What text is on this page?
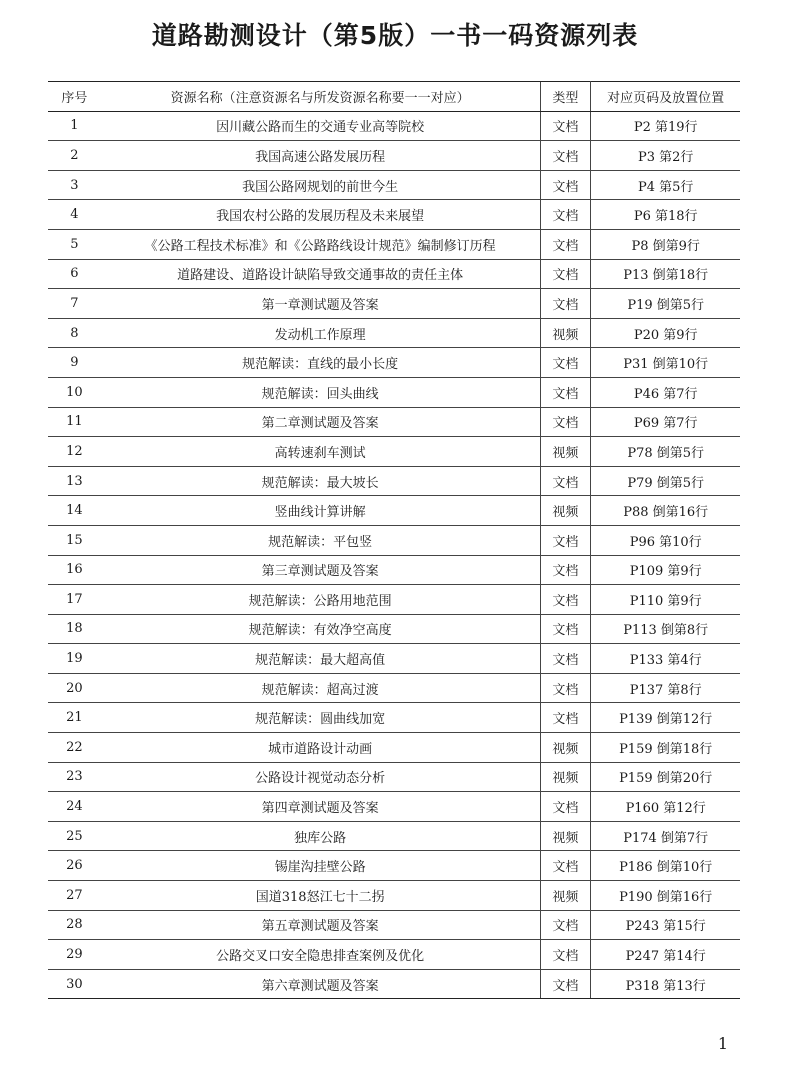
道路勘测设计（第5版）一书一码资源列表
序号	资源名称（注意资源名与所发资源名称要一一对应）	类型	对应页码及放置位置
1	因川藏公路而生的交通专业高等院校	文档	P2 第19行
2	我国高速公路发展历程	文档	P3 第2行
3	我国公路网规划的前世今生	文档	P4 第5行
4	我国农村公路的发展历程及未来展望	文档	P6 第18行
5	《公路工程技术标准》和《公路路线设计规范》编制修订历程	文档	P8 倒第9行
6	道路建设、道路设计缺陷导致交通事故的责任主体	文档	P13 倒第18行
7	第一章测试题及答案	文档	P19 倒第5行
8	发动机工作原理	视频	P20 第9行
9	规范解读：直线的最小长度	文档	P31 倒第10行
10	规范解读：回头曲线	文档	P46 第7行
11	第二章测试题及答案	文档	P69 第7行
12	高转速刹车测试	视频	P78 倒第5行
13	规范解读：最大坡长	文档	P79 倒第5行
14	竖曲线计算讲解	视频	P88 倒第16行
15	规范解读：平包竖	文档	P96 第10行
16	第三章测试题及答案	文档	P109 第9行
17	规范解读：公路用地范围	文档	P110 第9行
18	规范解读：有效净空高度	文档	P113 倒第8行
19	规范解读：最大超高值	文档	P133 第4行
20	规范解读：超高过渡	文档	P137 第8行
21	规范解读：圆曲线加宽	文档	P139 倒第12行
22	城市道路设计动画	视频	P159 倒第18行
23	公路设计视觉动态分析	视频	P159 倒第20行
24	第四章测试题及答案	文档	P160 第12行
25	独库公路	视频	P174 倒第7行
26	锡崖沟挂壁公路	文档	P186 倒第10行
27	国道318怒江七十二拐	视频	P190 倒第16行
28	第五章测试题及答案	文档	P243 第15行
29	公路交叉口安全隐患排查案例及优化	文档	P247 第14行
30	第六章测试题及答案	文档	P318 第13行
1
